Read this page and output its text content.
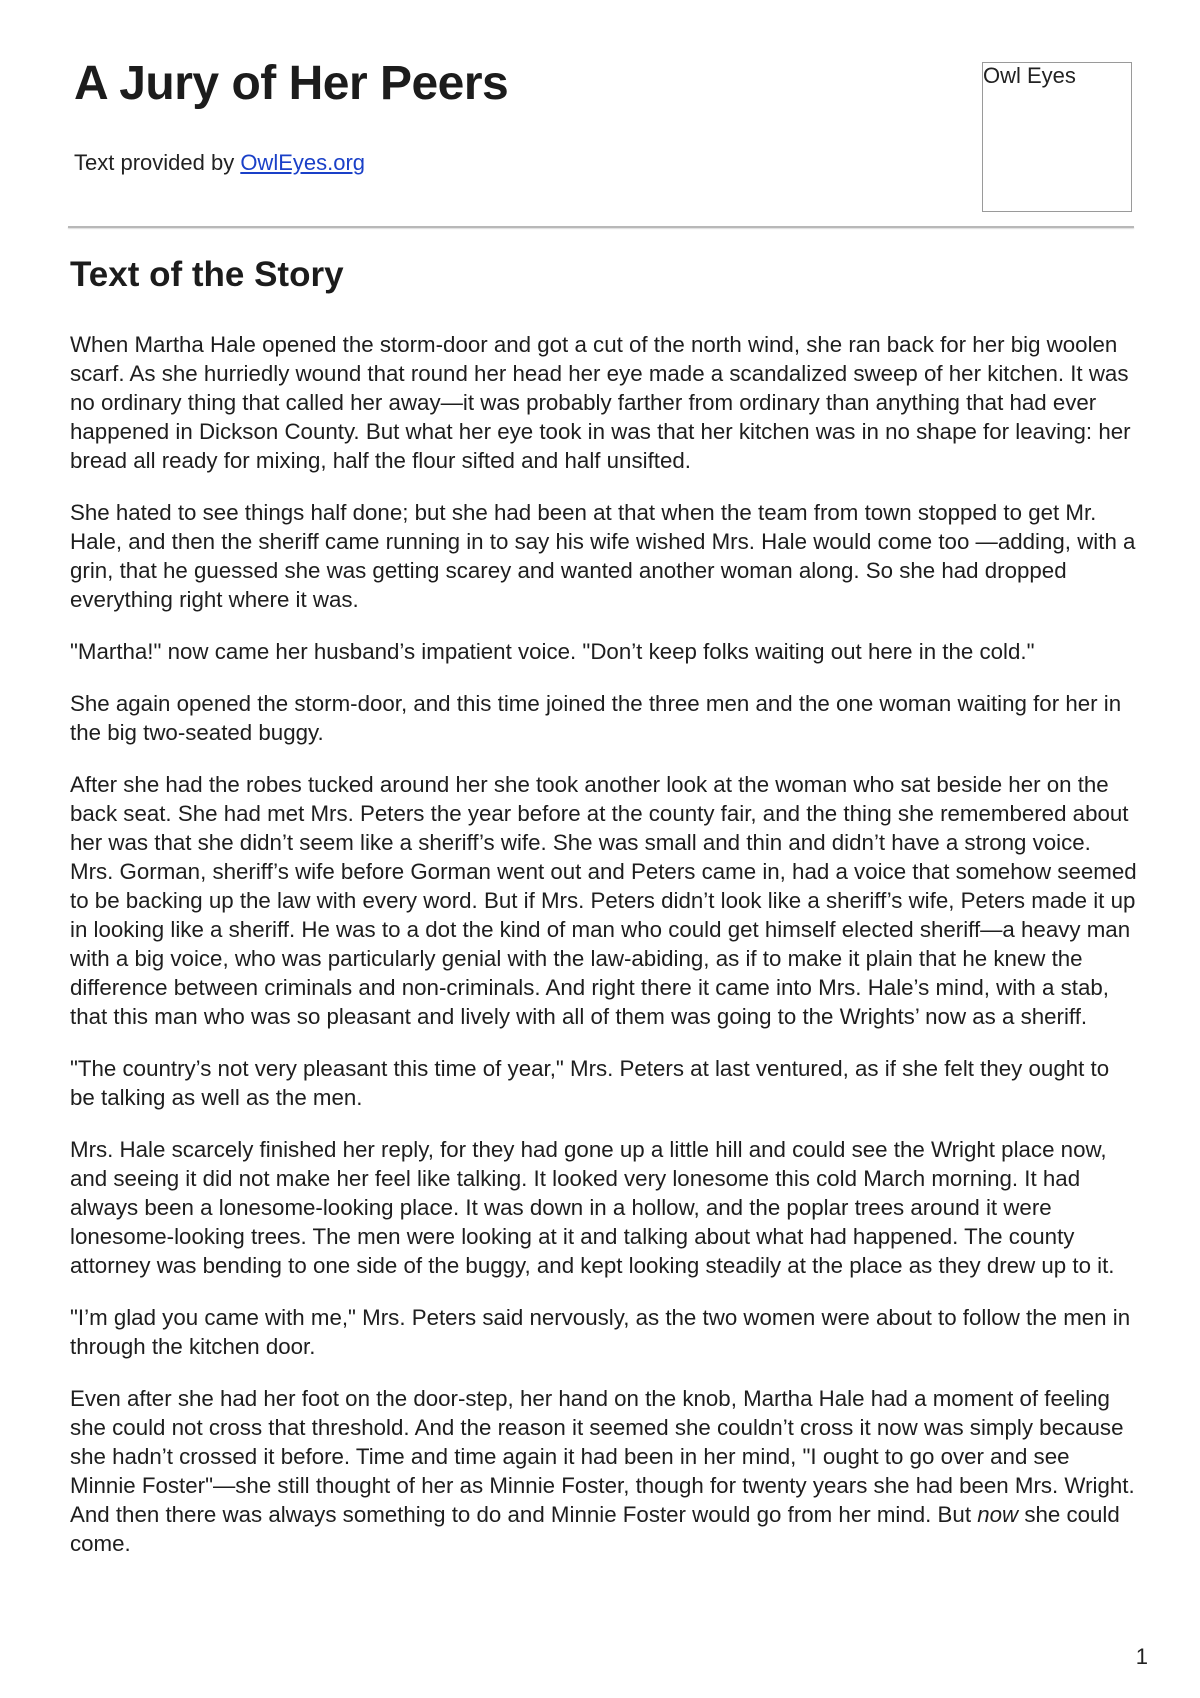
A Jury of Her Peers
Text provided by OwlEyes.org
Owl Eyes
Text of the Story

When Martha Hale opened the storm-door and got a cut of the north wind, she ran back for her big woolen scarf. As she hurriedly wound that round her head her eye made a scandalized sweep of her kitchen. It was no ordinary thing that called her away—it was probably farther from ordinary than anything that had ever happened in Dickson County. But what her eye took in was that her kitchen was in no shape for leaving: her bread all ready for mixing, half the flour sifted and half unsifted.

She hated to see things half done; but she had been at that when the team from town stopped to get Mr. Hale, and then the sheriff came running in to say his wife wished Mrs. Hale would come too —adding, with a grin, that he guessed she was getting scarey and wanted another woman along. So she had dropped everything right where it was.

"Martha!" now came her husband’s impatient voice. "Don’t keep folks waiting out here in the cold."

She again opened the storm-door, and this time joined the three men and the one woman waiting for her in the big two-seated buggy.

After she had the robes tucked around her she took another look at the woman who sat beside her on the back seat. She had met Mrs. Peters the year before at the county fair, and the thing she remembered about her was that she didn’t seem like a sheriff’s wife. She was small and thin and didn’t have a strong voice. Mrs. Gorman, sheriff’s wife before Gorman went out and Peters came in, had a voice that somehow seemed to be backing up the law with every word. But if Mrs. Peters didn’t look like a sheriff’s wife, Peters made it up in looking like a sheriff. He was to a dot the kind of man who could get himself elected sheriff—a heavy man with a big voice, who was particularly genial with the law-abiding, as if to make it plain that he knew the difference between criminals and non-criminals. And right there it came into Mrs. Hale’s mind, with a stab, that this man who was so pleasant and lively with all of them was going to the Wrights’ now as a sheriff.

"The country’s not very pleasant this time of year," Mrs. Peters at last ventured, as if she felt they ought to be talking as well as the men.

Mrs. Hale scarcely finished her reply, for they had gone up a little hill and could see the Wright place now, and seeing it did not make her feel like talking. It looked very lonesome this cold March morning. It had always been a lonesome-looking place. It was down in a hollow, and the poplar trees around it were lonesome-looking trees. The men were looking at it and talking about what had happened. The county attorney was bending to one side of the buggy, and kept looking steadily at the place as they drew up to it.

"I’m glad you came with me," Mrs. Peters said nervously, as the two women were about to follow the men in through the kitchen door.

Even after she had her foot on the door-step, her hand on the knob, Martha Hale had a moment of feeling she could not cross that threshold. And the reason it seemed she couldn’t cross it now was simply because she hadn’t crossed it before. Time and time again it had been in her mind, "I ought to go over and see Minnie Foster"—she still thought of her as Minnie Foster, though for twenty years she had been Mrs. Wright. And then there was always something to do and Minnie Foster would go from her mind. But now she could come.

1
